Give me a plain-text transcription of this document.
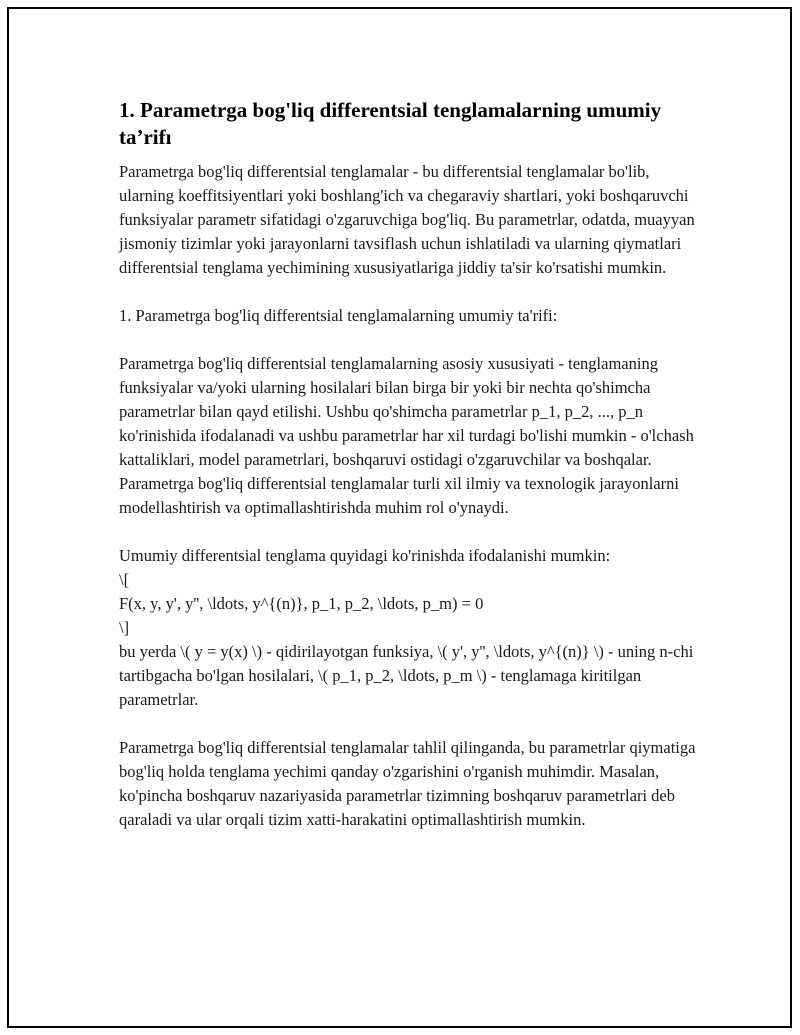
1. Parametrga bog'liq differentsial tenglamalarning umumiy ta’rifı

Parametrga bog'liq differentsial tenglamalar - bu differentsial tenglamalar bo'lib, ularning koeffitsiyentlari yoki boshlang'ich va chegaraviy shartlari, yoki boshqaruvchi funksiyalar parametr sifatidagi o'zgaruvchiga bog'liq. Bu parametrlar, odatda, muayyan jismoniy tizimlar yoki jarayonlarni tavsiflash uchun ishlatiladi va ularning qiymatlari differentsial tenglama yechimining xususiyatlariga jiddiy ta'sir ko'rsatishi mumkin.

1. Parametrga bog'liq differentsial tenglamalarning umumiy ta'rifi:

Parametrga bog'liq differentsial tenglamalarning asosiy xususiyati - tenglamaning funksiyalar va/yoki ularning hosilalari bilan birga bir yoki bir nechta qo'shimcha parametrlar bilan qayd etilishi. Ushbu qo'shimcha parametrlar p_1, p_2, ..., p_n ko'rinishida ifodalanadi va ushbu parametrlar har xil turdagi bo'lishi mumkin - o'lchash kattaliklari, model parametrlari, boshqaruvi ostidagi o'zgaruvchilar va boshqalar. Parametrga bog'liq differentsial tenglamalar turli xil ilmiy va texnologik jarayonlarni modellashtirish va optimallashtirishda muhim rol o'ynaydi.

Umumiy differentsial tenglama quyidagi ko'rinishda ifodalanishi mumkin:
\[
F(x, y, y', y'', \ldots, y^{(n)}, p_1, p_2, \ldots, p_m) = 0
\]
bu yerda \( y = y(x) \) - qidirilayotgan funksiya, \( y', y'', \ldots, y^{(n)} \) - uning n-chi tartibgacha bo'lgan hosilalari, \( p_1, p_2, \ldots, p_m \) - tenglamaga kiritilgan parametrlar.

Parametrga bog'liq differentsial tenglamalar tahlil qilinganda, bu parametrlar qiymatiga bog'liq holda tenglama yechimi qanday o'zgarishini o'rganish muhimdir. Masalan, ko'pincha boshqaruv nazariyasida parametrlar tizimning boshqaruv parametrlari deb qaraladi va ular orqali tizim xatti-harakatini optimallashtirish mumkin.
